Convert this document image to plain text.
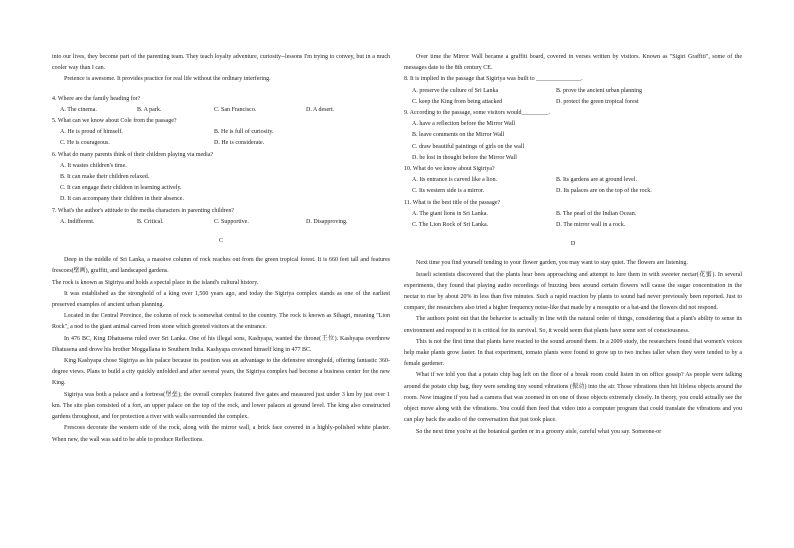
into our lives, they become part of the parenting team. They teach loyalty adventure, curiosity--lessons I'm trying to convey, but in a much cooler way than I can.

Pretence is awesome. It provides practice for real life without the ordinary interfering.

4. Where are the family heading for?

A. The cinema.	B. A park.	C. San Francisco.	D. A desert.

5. What can we know about Cole from the passage?

A. He is proud of himself.	B. He is full of curiosity.
C. He is courageous.	D. He is considerate.

6. What do many parents think of their children playing via media?

A. It wastes children's time.

B. It can make their children relaxed.

C. It can engage their children in learning actively.

D. It can accompany their children in their absence.

7. What's the author's attitude to the media characters in parenting children?

A. Indifferent.	B. Critical.	C. Supportive.	D. Disapproving.

C

Deep in the middle of Sri Lanka, a massive column of rock reaches out from the green tropical forest. It is 660 feet tall and features frescoes(壁画), graffiti, and landscaped gardens.

The rock is known as Sigiriya and holds a special place in the island's cultural history.

It was established as the stronghold of a king over 1,500 years ago, and today the Sigiriya complex stands as one of the earliest preserved examples of ancient urban planning.

Located in the Central Province, the column of rock is somewhat central to the country. The rock is known as Sihagri, meaning "Lion Rock", a nod to the giant animal carved from stone which greeted visitors at the entrance.

In 476 BC, King Dhatusena ruled over Sri Lanka. One of his illegal sons, Kashyapa, wanted the throne(王位). Kashyapa overthrew Dhatusena and drove his brother Moggallana to Southern India. Kashyapa crowned himself king in 477 BC.

King Kashyapa chose Sigiriya as his palace because its position was an advantage to the defensive stronghold, offering fantastic 360-degree views. Plans to build a city quickly unfolded and after several years, the Sigiriya complex had become a business center for the new King.

Sigiriya was both a palace and a fortress(堡垒); the overall complex featured five gates and measured just under 3 km by just over 1 km. The site plan consisted of a fort, an upper palace on the top of the rock, and lower palaces at ground level. The king also constructed gardens throughout, and for protection a river with walls surrounded the complex.

Frescoes decorate the western side of the rock, along with the mirror wall, a brick face covered in a highly-polished white plaster. When new, the wall was said to be able to produce Reflections.

Over time the Mirror Wall became a graffiti board, covered in verses written by visitors. Known as "Sigiri Graffiti", some of the messages date to the 8th century CE.

8. It is implied in the passage that Sigiriya was built to _______________.

A. preserve the culture of Sri Lanka	B. prove the ancient urban planning
C. keep the King from being attacked	D. protect the green tropical forest

9. According to the passage, some visitors would_________.

A. have a reflection before the Mirror Wall

B. leave comments on the Mirror Wall

C. draw beautiful paintings of girls on the wall

D. be lost in thought before the Mirror Wall

10. What do we know about Sigiriya?

A. Its entrance is carved like a lion.	B. Its gardens are at ground level.
C. Its western side is a mirror.	D. Its palaces are on the top of the rock.

11. What is the best title of the passage?

A. The giant lions in Sri Lanka.	B. The pearl of the Indian Ocean.
C. The Lion Rock of Sri Lanka.	D. The mirror wall in a rock.

D

Next time you find yourself tending to your flower garden, you may want to stay quiet. The flowers are listening.

Israeli scientists discovered that the plants hear bees approaching and attempt to lure them in with sweeter nectar(花蜜). In several experiments, they found that playing audio recordings of buzzing bees around certain flowers will cause the sugar concentration in the nectar to rise by about 20% in less than five minutes. Such a rapid reaction by plants to sound had never previously been reported. Just to compare, the researchers also tried a higher frequency noise-like that made by a mosquito or a bat-and the flowers did not respond.

The authors point out that the behavior is actually in line with the natural order of things, considering that a plant's ability to sense its environment and respond to it is critical for its survival. So, it would seem that plants have some sort of consciousness.

This is not the first time that plants have reacted to the sound around them. In a 2009 study, the researchers found that women's voices help make plants grow faster. In that experiment, tomato plants were found to grow up to two inches taller when they were tended to by a female gardener.

What if we told you that a potato chip bag left on the floor of a break room could listen in on office gossip? As people were talking around the potato chip bag, they were sending tiny sound vibrations (振动) into the air. Those vibrations then hit lifeless objects around the room. Now imagine if you had a camera that was zoomed in on one of those objects extremely closely. In theory, you could actually see the object move along with the vibrations. You could then feed that video into a computer program that could translate the vibrations and you can play back the audio of the conversation that just took place.

So the next time you're at the botanical garden or in a grocery aisle, careful what you say. Someone-or
